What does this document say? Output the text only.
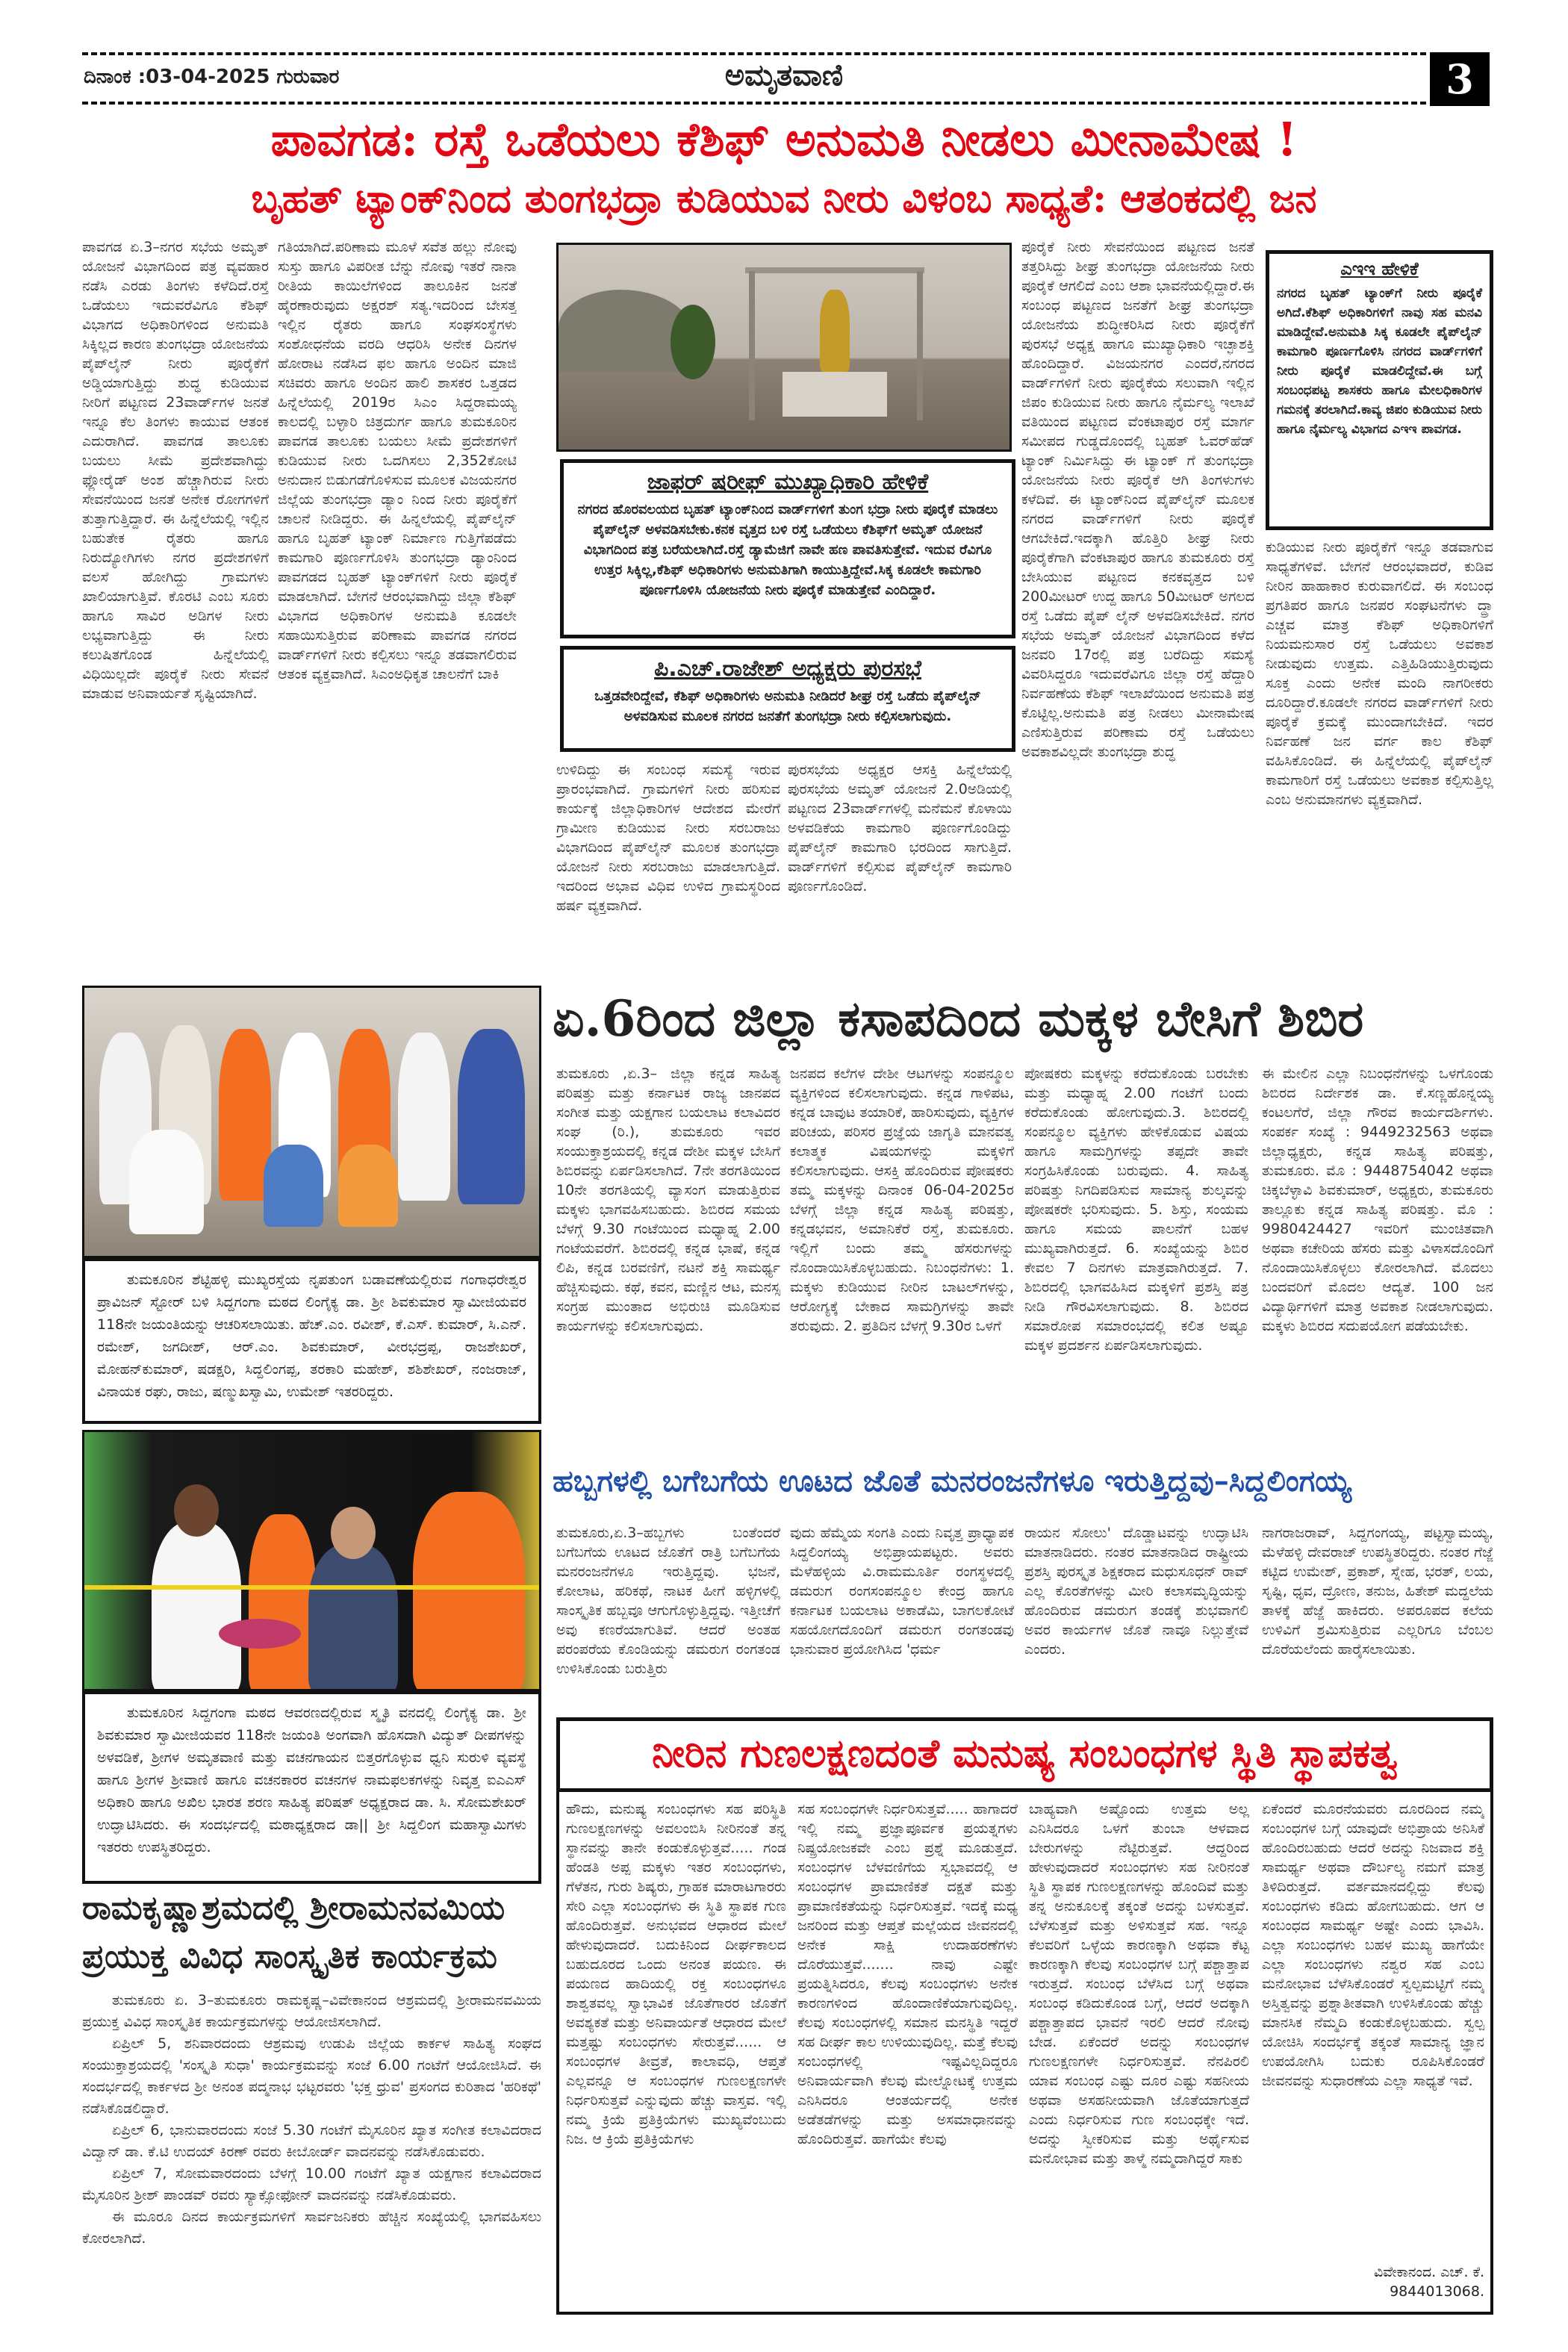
ದಿನಾಂಕ :03-04-2025 ಗುರುವಾರ	ಅಮೃತವಾಣಿ	3
ಪಾವಗಡ: ರಸ್ತೆ ಒಡೆಯಲು ಕೆಶಿಫ್ ಅನುಮತಿ ನೀಡಲು ಮೀನಾಮೇಷ !
ಬೃಹತ್ ಟ್ಯಾಂಕ್‌ನಿಂದ ತುಂಗಭದ್ರಾ ಕುಡಿಯುವ ನೀರು ವಿಳಂಬ ಸಾಧ್ಯತೆ: ಆತಂಕದಲ್ಲಿ ಜನ
ಪಾವಗಡ ಏ.3–ನಗರ ಸಭೆಯ ಅಮೃತ್ ಯೋಜನೆ ವಿಭಾಗದಿಂದ ಪತ್ರ ವ್ಯವಹಾರ ನಡೆಸಿ ಎರಡು ತಿಂಗಳು ಕಳೆದಿದೆ.ರಸ್ತೆ ಒಡೆಯಲು ಇದುವರೆವಿಗೂ ಕೆಶಿಫ್ ವಿಭಾಗದ ಅಧಿಕಾರಿಗಳಿಂದ ಅನುಮತಿ ಸಿಕ್ಕಿಲ್ಲದ ಕಾರಣ ತುಂಗಭದ್ರಾ ಯೋಜನೆಯ ಪೈಪ್‌ಲೈನ್ ನೀರು ಪೂರೈಕೆಗೆ ಅಡ್ಡಿಯಾಗುತ್ತಿದ್ದು ಶುದ್ಧ ಕುಡಿಯುವ ನೀರಿಗೆ ಪಟ್ಟಣದ 23ವಾರ್ಡ್‌ಗಳ ಜನತೆ ಇನ್ನೂ ಕೆಲ ತಿಂಗಳು ಕಾಯುವ ಆತಂಕ ಎದುರಾಗಿದೆ. ಪಾವಗಡ ತಾಲೂಕು ಬಯಲು ಸೀಮೆ ಪ್ರದೇಶವಾಗಿದ್ದು ಫ್ಲೋರೈಡ್ ಅಂಶ ಹೆಚ್ಚಾಗಿರುವ ನೀರು ಸೇವನೆಯಿಂದ ಜನತೆ ಅನೇಕ ರೋಗಗಳಿಗೆ ತುತ್ತಾಗುತ್ತಿದ್ದಾರೆ. ಈ ಹಿನ್ನೆಲೆಯಲ್ಲಿ ಇಲ್ಲಿನ ಬಹುತೇಕ ರೈತರು ಹಾಗೂ ನಿರುದ್ಯೋಗಿಗಳು ನಗರ ಪ್ರದೇಶಗಳಿಗೆ ವಲಸೆ ಹೋಗಿದ್ದು ಗ್ರಾಮಗಳು ಖಾಲಿಯಾಗುತ್ತಿವೆ. ಕೊರಟಿ ಎಂಬ ಸೂರು ಹಾಗೂ ಸಾವಿರ ಅಡಿಗಳ ನೀರು ಲಭ್ಯವಾಗುತ್ತಿದ್ದು ಈ ನೀರು ಕಲುಷಿತಗೊಂಡ ಹಿನ್ನೆಲೆಯಲ್ಲಿ ವಿಧಿಯಿಲ್ಲದೇ ಪೂರೈಕೆ ನೀರು ಸೇವನೆ ಮಾಡುವ ಅನಿವಾರ್ಯತೆ ಸೃಷ್ಟಿಯಾಗಿದೆ.
ಗತಿಯಾಗಿದೆ.ಪರಿಣಾಮ ಮೂಳೆ ಸವೆತ ಹಲ್ಲು ನೋವು ಸುಸ್ತು ಹಾಗೂ ವಿಪರೀತ ಬೆನ್ನು ನೋವು ಇತರೆ ನಾನಾ ರೀತಿಯ ಕಾಯಿಲೆಗಳಿಂದ ತಾಲೂಕಿನ ಜನತೆ ಹೈರಣಾರುವುದು ಅಕ್ಷರಶ್ ಸತ್ಯ.ಇದರಿಂದ ಬೇಸತ್ತ ಇಲ್ಲಿನ ರೈತರು ಹಾಗೂ ಸಂಘಸಂಸ್ಥೆಗಳು ಸಂಶೋಧನೆಯ ವರದಿ ಆಧರಿಸಿ ಅನೇಕ ದಿನಗಳ ಹೋರಾಟ ನಡೆಸಿದ ಫಲ ಹಾಗೂ ಅಂದಿನ ಮಾಜಿ ಸಚಿವರು ಹಾಗೂ ಅಂದಿನ ಹಾಲಿ ಶಾಸಕರ ಒತ್ತಡದ ಹಿನ್ನೆಲೆಯಲ್ಲಿ 2019ರ ಸಿಎಂ ಸಿದ್ದರಾಮಯ್ಯ ಕಾಲದಲ್ಲಿ ಬಳ್ಳಾರಿ ಚಿತ್ರದುರ್ಗ ಹಾಗೂ ತುಮಕೂರಿನ ಪಾವಗಡ ತಾಲೂಕು ಬಯಲು ಸೀಮೆ ಪ್ರದೇಶಗಳಿಗೆ ಕುಡಿಯುವ ನೀರು ಒದಗಿಸಲು 2,352ಕೋಟಿ ಅನುದಾನ ಬಿಡುಗಡೆಗೊಳಿಸುವ ಮೂಲಕ ವಿಜಯನಗರ ಜಿಲ್ಲೆಯ ತುಂಗಭದ್ರಾ ಡ್ಯಾಂ ನಿಂದ ನೀರು ಪೂರೈಕೆಗೆ ಚಾಲನೆ ನೀಡಿದ್ದರು. ಈ ಹಿನ್ನಲೆಯಲ್ಲಿ ಪೈಪ್‌ಲೈನ್ ಹಾಗೂ ಬೃಹತ್ ಟ್ಯಾಂಕ್ ನಿರ್ಮಾಣ ಗುತ್ತಿಗೆಪಡೆದು ಕಾಮಗಾರಿ ಪೂರ್ಣಗೊಳಿಸಿ ತುಂಗಭದ್ರಾ ಡ್ಯಾಂನಿಂದ ಪಾವಗಡದ ಬೃಹತ್ ಟ್ಯಾಂಕ್‌ಗಳಿಗೆ ನೀರು ಪೂರೈಕೆ ಮಾಡಲಾಗಿದೆ. ಬೇಗನೆ ಆರಂಭವಾಗಿದ್ದು ಜಿಲ್ಲಾ ಕೆಶಿಫ್ ವಿಭಾಗದ ಅಧಿಕಾರಿಗಳ ಅನುಮತಿ ಕೂಡಲೇ ಸಹಾಯಿಸುತ್ತಿರುವ ಪರಿಣಾಮ ಪಾವಗಡ ನಗರದ ವಾರ್ಡ್‌ಗಳಿಗೆ ನೀರು ಕಲ್ಪಿಸಲು ಇನ್ನೂ ತಡವಾಗಲಿರುವ ಆತಂಕ ವ್ಯಕ್ತವಾಗಿದೆ. ಸಿಎಂಅಧಿಕೃತ ಚಾಲನೆಗೆ ಬಾಕಿ
ಜಾಫರ್ ಷರೀಫ್ ಮುಖ್ಯಾಧಿಕಾರಿ ಹೇಳಿಕೆ
ನಗರದ ಹೊರವಲಯದ ಬೃಹತ್ ಟ್ಯಾಂಕ್‌ನಿಂದ ವಾರ್ಡ್‌ಗಳಿಗೆ ತುಂಗ ಭದ್ರಾ ನೀರು ಪೂರೈಕೆ ಮಾಡಲು ಪೈಪ್‌ಲೈನ್ ಅಳವಡಿಸಬೇಕು.ಕನಕ ವೃತ್ತದ ಬಳಿ ರಸ್ತೆ ಒಡೆಯಲು ಕೆಶಿಫ್‌ಗೆ ಅಮೃತ್ ಯೋಜನೆ ವಿಭಾಗದಿಂದ ಪತ್ರ ಬರೆಯಲಾಗಿದೆ.ರಸ್ತೆ ಡ್ಯಾಮೆಜಿಗೆ ನಾವೇ ಹಣ ಪಾವತಿಸುತ್ತೇವೆ. ಇದುವ ರೆವಿಗೂ ಉತ್ತರ ಸಿಕ್ಕಿಲ್ಲ,ಕೆಶಿಫ್ ಅಧಿಕಾರಿಗಳು ಅನುಮತಿಗಾಗಿ ಕಾಯುತ್ತಿದ್ದೇವೆ.ಸಿಕ್ಕ ಕೂಡಲೇ ಕಾಮಗಾರಿ ಪೂರ್ಣಗೊಳಿಸಿ ಯೋಜನೆಯ ನೀರು ಪೂರೈಕೆ ಮಾಡುತ್ತೇವೆ ಎಂದಿದ್ದಾರೆ.
ಪಿ.ಎಚ್.ರಾಜೇಶ್ ಅಧ್ಯಕ್ಷರು ಪುರಸಭೆ
ಒತ್ತಡವೇರಿದ್ದೇವೆ, ಕೆಶಿಫ್ ಅಧಿಕಾರಿಗಳು ಅನುಮತಿ ನೀಡಿದರೆ ಶೀಘ್ರ ರಸ್ತೆ ಒಡೆದು ಪೈಪ್‌ಲೈನ್ ಅಳವಡಿಸುವ ಮೂಲಕ ನಗರದ ಜನತೆಗೆ ತುಂಗಭದ್ರಾ ನೀರು ಕಲ್ಪಿಸಲಾಗುವುದು.
ಉಳಿದಿದ್ದು ಈ ಸಂಬಂಧ ಸಮಸ್ಯೆ ಇರುವ ಪ್ರಾರಂಭವಾಗಿದೆ. ಗ್ರಾಮಗಳಿಗೆ ನೀರು ಹರಿಸುವ ಕಾರ್ಯಕ್ಕೆ ಜಿಲ್ಲಾಧಿಕಾರಿಗಳ ಆದೇಶದ ಮೇರೆಗೆ ಗ್ರಾಮೀಣ ಕುಡಿಯುವ ನೀರು ಸರಬರಾಜು ವಿಭಾಗದಿಂದ ಪೈಪ್‌ಲೈನ್ ಮೂಲಕ ತುಂಗಭದ್ರಾ ಯೋಜನೆ ನೀರು ಸರಬರಾಜು ಮಾಡಲಾಗುತ್ತಿದೆ. ಇದರಿಂದ ಅಭಾವ ವಿಧಿವ ಉಳಿದ ಗ್ರಾಮಸ್ಥರಿಂದ ಹರ್ಷ ವ್ಯಕ್ತವಾಗಿದೆ.
ಪುರಸಭೆಯ ಅಧ್ಯಕ್ಷರ ಆಸಕ್ತಿ ಹಿನ್ನೆಲೆಯಲ್ಲಿ ಪುರಸಭೆಯ ಅಮೃತ್ ಯೋಜನೆ 2.0ಅಡಿಯಲ್ಲಿ ಪಟ್ಟಣದ 23ವಾರ್ಡ್‌ಗಳಲ್ಲಿ ಮನೆಮನೆ ಕೊಳಾಯಿ ಅಳವಡಿಕೆಯ ಕಾಮಗಾರಿ ಪೂರ್ಣಗೊಂಡಿದ್ದು ಪೈಪ್‌ಲೈನ್ ಕಾಮಗಾರಿ ಭರದಿಂದ ಸಾಗುತ್ತಿದೆ. ವಾರ್ಡ್‌ಗಳಿಗೆ ಕಲ್ಪಿಸುವ ಪೈಪ್‌ಲೈನ್ ಕಾಮಗಾರಿ ಪೂರ್ಣಗೊಂಡಿದೆ.
ಪೂರೈಕೆ ನೀರು ಸೇವನೆಯಿಂದ ಪಟ್ಟಣದ ಜನತೆ ತತ್ತರಿಸಿದ್ದು ಶೀಘ್ರ ತುಂಗಭದ್ರಾ ಯೋಜನೆಯ ನೀರು ಪೂರೈಕೆ ಆಗಲಿದೆ ಎಂಬ ಆಶಾ ಭಾವನೆಯಲ್ಲಿದ್ದಾರೆ.ಈ ಸಂಬಂಧ ಪಟ್ಟಣದ ಜನತೆಗೆ ಶೀಘ್ರ ತುಂಗಭದ್ರಾ ಯೋಜನೆಯ ಶುದ್ಧೀಕರಿಸಿದ ನೀರು ಪೂರೈಕೆಗೆ ಪುರಸಭೆ ಅಧ್ಯಕ್ಷ ಹಾಗೂ ಮುಖ್ಯಾಧಿಕಾರಿ ಇಚ್ಛಾಶಕ್ತಿ ಹೊಂದಿದ್ದಾರೆ. ವಿಜಯನಗರ ಎಂದರೆ,ನಗರದ ವಾರ್ಡ್‌ಗಳಿಗೆ ನೀರು ಪೂರೈಕೆಯ ಸಲುವಾಗಿ ಇಲ್ಲಿನ ಜಿಪಂ ಕುಡಿಯುವ ನೀರು ಹಾಗೂ ನೈರ್ಮಲ್ಯ ಇಲಾಖೆ ವತಿಯಿಂದ ಪಟ್ಟಣದ ವೆಂಕಟಾಪುರ ರಸ್ತೆ ಮಾರ್ಗ ಸಮೀಪದ ಗುಡ್ಡದೊಂದಲ್ಲಿ ಬೃಹತ್ ಓವರ್‌ಹೆಡ್ ಟ್ಯಾಂಕ್ ನಿರ್ಮಿಸಿದ್ದು ಈ ಟ್ಯಾಂಕ್ ಗೆ ತುಂಗಭದ್ರಾ ಯೋಜನೆಯ ನೀರು ಪೂರೈಕೆ ಆಗಿ ತಿಂಗಳುಗಳು ಕಳೆದಿವೆ. ಈ ಟ್ಯಾಂಕ್‌ನಿಂದ ಪೈಪ್‌ಲೈನ್ ಮೂಲಕ ನಗರದ ವಾರ್ಡ್‌ಗಳಿಗೆ ನೀರು ಪೂರೈಕೆ ಆಗಬೇಕಿದೆ.ಇದಕ್ಕಾಗಿ ಹೊತ್ತಿರಿ ಶೀಘ್ರ ನೀರು ಪೂರೈಕೆಗಾಗಿ ವೆಂಕಟಾಪುರ ಹಾಗೂ ತುಮಕೂರು ರಸ್ತೆ ಬೇಸಿಯುವ ಪಟ್ಟಣದ ಕನಕವೃತ್ತದ ಬಳಿ 200ಮೀಟರ್ ಉದ್ದ ಹಾಗೂ 50ಮೀಟರ್ ಅಗಲದ ರಸ್ತೆ ಒಡೆದು ಪೈಪ್ ಲೈನ್ ಅಳವಡಿಸಬೇಕಿದೆ. ನಗರ ಸಭೆಯ ಅಮೃತ್ ಯೋಜನೆ ವಿಭಾಗದಿಂದ ಕಳೆದ ಜನವರಿ 17ರಲ್ಲಿ ಪತ್ರ ಬರೆದಿದ್ದು ಸಮಸ್ಯೆ ವಿವರಿಸಿದ್ದರೂ ಇದುವರೆವಿಗೂ ಜಿಲ್ಲಾ ರಸ್ತೆ ಹೆದ್ದಾರಿ ನಿರ್ವಹಣೆಯ ಕೆಶಿಫ್ ಇಲಾಖೆಯಿಂದ ಅನುಮತಿ ಪತ್ರ ಕೊಟ್ಟಿಲ್ಲ.ಅನುಮತಿ ಪತ್ರ ನೀಡಲು ಮೀನಾಮೇಷ ಎಣಿಸುತ್ತಿರುವ ಪರಿಣಾಮ ರಸ್ತೆ ಒಡೆಯಲು ಅವಕಾಶವಿಲ್ಲದೇ ತುಂಗಭದ್ರಾ ಶುದ್ಧ
ಎಇಇ ಹೇಳಿಕೆ
ನಗರದ ಬೃಹತ್ ಟ್ಯಾಂಕ್‌ಗೆ ನೀರು ಪೂರೈಕೆ ಅಗಿದೆ.ಕೆಶಿಫ್ ಅಧಿಕಾರಿಗಳಿಗೆ ನಾವು ಸಹ ಮನವಿ ಮಾಡಿದ್ದೇವೆ.ಅನುಮತಿ ಸಿಕ್ಕ ಕೂಡಲೇ ಪೈಪ್‌ಲೈನ್ ಕಾಮಗಾರಿ ಪೂರ್ಣಗೊಳಿಸಿ ನಗರದ ವಾರ್ಡ್‌ಗಳಿಗೆ ನೀರು ಪೂರೈಕೆ ಮಾಡಲಿದ್ದೇವೆ.ಈ ಬಗ್ಗೆ ಸಂಬಂಧಪಟ್ಟ ಶಾಸಕರು ಹಾಗೂ ಮೇಲಧಿಕಾರಿಗಳ ಗಮನಕ್ಕೆ ತರಲಾಗಿದೆ.ಕಾವ್ಯ ಜಿಪಂ ಕುಡಿಯುವ ನೀರು ಹಾಗೂ ನೈರ್ಮಲ್ಯ ವಿಭಾಗದ ಎಇಇ ಪಾವಗಡ.
ಕುಡಿಯುವ ನೀರು ಪೂರೈಕೆಗೆ ಇನ್ನೂ ತಡವಾಗುವ ಸಾಧ್ಯತೆಗಳಿವೆ. ಬೇಗನೆ ಆರಂಭವಾದರೆ, ಕುಡಿವ ನೀರಿನ ಹಾಹಾಕಾರ ಕುರುವಾಗಲಿದೆ. ಈ ಸಂಬಂಧ ಪ್ರಗತಿಪರ ಹಾಗೂ ಜನಪರ ಸಂಘಟನೆಗಳು ದ್ದ್ರಾ ಎಚ್ಚವ ಮಾತ್ರ ಕೆಶಿಫ್ ಅಧಿಕಾರಿಗಳಿಗೆ ನಿಯಮನುಸಾರ ರಸ್ತೆ ಒಡೆಯಲು ಅವಕಾಶ ನೀಡುವುದು ಉತ್ತಮ. ಎತ್ತಿಹಿಡಿಯುತ್ತಿರುವುದು ಸೂಕ್ತ ಎಂದು ಅನೇಕ ಮಂದಿ ನಾಗರೀಕರು ದೂರಿದ್ದಾರೆ.ಕೂಡಲೇ ನಗರದ ವಾರ್ಡ್‌ಗಳಿಗೆ ನೀರು ಪೂರೈಕೆ ಕ್ರಮಕ್ಕೆ ಮುಂದಾಗಬೇಕಿದೆ. ಇದರ ನಿರ್ವಹಣೆ ಜನ ವರ್ಗ ಕಾಲ ಕೆಶಿಫ್ ವಹಿಸಿಕೊಂಡಿದೆ. ಈ ಹಿನ್ನೆಲೆಯಲ್ಲಿ ಪೈಪ್‌ಲೈನ್ ಕಾಮಗಾರಿಗೆ ರಸ್ತೆ ಒಡೆಯಲು ಅವಕಾಶ ಕಲ್ಪಿಸುತ್ತಿಲ್ಲ ಎಂಬ ಅನುಮಾನಗಳು ವ್ಯಕ್ತವಾಗಿದೆ.

ತುಮಕೂರಿನ ಶೆಟ್ಟಿಹಳ್ಳಿ ಮುಖ್ಯರಸ್ತೆಯ ನೃಪತುಂಗ ಬಡಾವಣೆಯಲ್ಲಿರುವ ಗಂಗಾಧರೇಶ್ವರ ಪ್ರಾವಿಜನ್ ಸ್ಟೋರ್ ಬಳಿ ಸಿದ್ದಗಂಗಾ ಮಠದ ಲಿಂಗೈಕ್ಯ ಡಾ. ಶ್ರೀ ಶಿವಕುಮಾರ ಸ್ವಾಮೀಜಿಯವರ 118ನೇ ಜಯಂತಿಯನ್ನು ಆಚರಿಸಲಾಯಿತು. ಹೆಚ್.ಎಂ. ರವೀಶ್, ಕೆ.ಎಸ್. ಕುಮಾರ್, ಸಿ.ಎನ್. ರಮೇಶ್, ಜಗದೀಶ್, ಆರ್.ಎಂ. ಶಿವಕುಮಾರ್, ವೀರಭದ್ರಪ್ಪ, ರಾಜಶೇಖರ್, ಮೋಹನ್‌ಕುಮಾರ್, ಷಡಕ್ಷರಿ, ಸಿದ್ದಲಿಂಗಪ್ಪ, ತರಕಾರಿ ಮಹೇಶ್, ಶಶಿಶೇಖರ್, ನಂಜರಾಜ್, ವಿನಾಯಕ ರಘು, ರಾಜು, ಷಣ್ಮುಖಸ್ವಾಮಿ, ಉಮೇಶ್ ಇತರರಿದ್ದರು.

ತುಮಕೂರಿನ ಸಿದ್ದಗಂಗಾ ಮಠದ ಆವರಣದಲ್ಲಿರುವ ಸ್ಮೃತಿ ವನದಲ್ಲಿ ಲಿಂಗೈಕ್ಯ ಡಾ. ಶ್ರೀ ಶಿವಕುಮಾರ ಸ್ವಾಮೀಜಿಯವರ 118ನೇ ಜಯಂತಿ ಅಂಗವಾಗಿ ಹೊಸದಾಗಿ ವಿದ್ಯುತ್ ದೀಪಗಳನ್ನು ಅಳವಡಿಕೆ, ಶ್ರೀಗಳ ಅಮೃತವಾಣಿ ಮತ್ತು ವಚನಗಾಯನ ಬಿತ್ತರಗೊಳ್ಳುವ ಧ್ವನಿ ಸುರುಳಿ ವ್ಯವಸ್ಥೆ ಹಾಗೂ ಶ್ರೀಗಳ ಶ್ರೀವಾಣಿ ಹಾಗೂ ವಚನಕಾರರ ವಚನಗಳ ನಾಮಫಲಕಗಳನ್ನು ನಿವೃತ್ತ ಐಎಎಸ್ ಅಧಿಕಾರಿ ಹಾಗೂ ಅಖಿಲ ಭಾರತ ಶರಣ ಸಾಹಿತ್ಯ ಪರಿಷತ್ ಅಧ್ಯಕ್ಷರಾದ ಡಾ. ಸಿ. ಸೋಮಶೇಖರ್ ಉದ್ಘಾಟಿಸಿದರು. ಈ ಸಂದರ್ಭದಲ್ಲಿ ಮಠಾಧ್ಯಕ್ಷರಾದ ಡಾ|| ಶ್ರೀ ಸಿದ್ದಲಿಂಗ ಮಹಾಸ್ವಾಮಿಗಳು ಇತರರು ಉಪಸ್ಥಿತರಿದ್ದರು.

ರಾಮಕೃಷ್ಣಾಶ್ರಮದಲ್ಲಿ ಶ್ರೀರಾಮನವಮಿಯ
ಪ್ರಯುಕ್ತ ವಿವಿಧ ಸಾಂಸ್ಕೃತಿಕ ಕಾರ್ಯಕ್ರಮ

ತುಮಕೂರು ಏ. 3–ತುಮಕೂರು ರಾಮಕೃಷ್ಣ–ವಿವೇಕಾನಂದ ಆಶ್ರಮದಲ್ಲಿ ಶ್ರೀರಾಮನವಮಿಯ ಪ್ರಯುಕ್ತ ವಿವಿಧ ಸಾಂಸ್ಕೃತಿಕ ಕಾರ್ಯಕ್ರಮಗಳನ್ನು ಆಯೋಜಿಸಲಾಗಿದೆ.

ಏಪ್ರಿಲ್ 5, ಶನಿವಾರದಂದು ಆಶ್ರಮವು ಉಡುಪಿ ಜಿಲ್ಲೆಯ ಕಾರ್ಕಳ ಸಾಹಿತ್ಯ ಸಂಘದ ಸಂಯುಕ್ತಾಶ್ರಯದಲ್ಲಿ 'ಸಂಸ್ಕೃತಿ ಸುಧಾ' ಕಾರ್ಯಕ್ರಮವನ್ನು ಸಂಜೆ 6.00 ಗಂಟೆಗೆ ಆಯೋಜಿಸಿದೆ. ಈ ಸಂದರ್ಭದಲ್ಲಿ ಕಾರ್ಕಳದ ಶ್ರೀ ಅನಂತ ಪದ್ಮನಾಭ ಭಟ್ಟರವರು 'ಭಕ್ತ ಧ್ರುವ' ಪ್ರಸಂಗದ ಕುರಿತಾದ 'ಹರಿಕಥೆ' ನಡೆಸಿಕೊಡಲಿದ್ದಾರೆ.

ಏಪ್ರಿಲ್ 6, ಭಾನುವಾರದಂದು ಸಂಜೆ 5.30 ಗಂಟೆಗೆ ಮೈಸೂರಿನ ಖ್ಯಾತ ಸಂಗೀತ ಕಲಾವಿದರಾದ ವಿದ್ವಾನ್ ಡಾ. ಕೆ.ಟಿ ಉದಯ್ ಕಿರಣ್ ರವರು ಕೀಬೋರ್ಡ್ ವಾದನವನ್ನು ನಡೆಸಿಕೊಡುವರು.

ಏಪ್ರಿಲ್ 7, ಸೋಮವಾರದಂದು ಬೆಳಗ್ಗೆ 10.00 ಗಂಟೆಗೆ ಖ್ಯಾತ ಯಕ್ಷಗಾನ ಕಲಾವಿದರಾದ ಮೈಸೂರಿನ ಶ್ರೀಶ್ ಪಾಂಡವ್ ರವರು ಸ್ಯಾಕ್ಸೋಫೋನ್ ವಾದನವನ್ನು ನಡೆಸಿಕೊಡುವರು.

ಈ ಮೂರೂ ದಿನದ ಕಾರ್ಯಕ್ರಮಗಳಿಗೆ ಸಾರ್ವಜನಿಕರು ಹೆಚ್ಚಿನ ಸಂಖ್ಯೆಯಲ್ಲಿ ಭಾಗವಹಿಸಲು ಕೋರಲಾಗಿದೆ.

ಏ.6ರಿಂದ ಜಿಲ್ಲಾ ಕಸಾಪದಿಂದ ಮಕ್ಕಳ ಬೇಸಿಗೆ ಶಿಬಿರ
ತುಮಕೂರು ,ಏ.3– ಜಿಲ್ಲಾ ಕನ್ನಡ ಸಾಹಿತ್ಯ ಪರಿಷತ್ತು ಮತ್ತು ಕರ್ನಾಟಕ ರಾಜ್ಯ ಜಾನಪದ ಸಂಗೀತ ಮತ್ತು ಯಕ್ಷಗಾನ ಬಯಲಾಟ ಕಲಾವಿದರ ಸಂಘ (ರಿ.), ತುಮಕೂರು ಇವರ ಸಂಯುಕ್ತಾಶ್ರಯದಲ್ಲಿ ಕನ್ನಡ ದೇಶೀ ಮಕ್ಕಳ ಬೇಸಿಗೆ ಶಿಬಿರವನ್ನು ಏರ್ಪಡಿಸಲಾಗಿದೆ. 7ನೇ ತರಗತಿಯಿಂದ 10ನೇ ತರಗತಿಯಲ್ಲಿ ವ್ಯಾಸಂಗ ಮಾಡುತ್ತಿರುವ ಮಕ್ಕಳು ಭಾಗವಹಿಸಬಹುದು. ಶಿಬಿರದ ಸಮಯ ಬೆಳಗ್ಗೆ 9.30 ಗಂಟೆಯಿಂದ ಮಧ್ಯಾಹ್ನ 2.00 ಗಂಟೆಯವರೆಗೆ. ಶಿಬಿರದಲ್ಲಿ ಕನ್ನಡ ಭಾಷೆ, ಕನ್ನಡ ಲಿಪಿ, ಕನ್ನಡ ಬರವಣಿಗೆ, ನಟನೆ ಶಕ್ತಿ ಸಾಮರ್ಥ್ಯ ಹೆಚ್ಚಿಸುವುದು. ಕಥೆ, ಕವನ, ಮಣ್ಣಿನ ಆಟ, ಮನಸ್ಸ ಸಂಗ್ರಹ ಮುಂತಾದ ಅಭಿರುಚಿ ಮೂಡಿಸುವ ಕಾರ್ಯಗಳನ್ನು ಕಲಿಸಲಾಗುವುದು.
ಜನಪದ ಕಲೆಗಳ ದೇಶೀ ಆಟಗಳನ್ನು ಸಂಪನ್ಮೂಲ ವ್ಯಕ್ತಿಗಳಿಂದ ಕಲಿಸಲಾಗುವುದು. ಕನ್ನಡ ಗಾಳಿಪಟ, ಕನ್ನಡ ಬಾವುಟ ತಯಾರಿಕೆ, ಹಾರಿಸುವುದು, ವ್ಯಕ್ತಿಗಳ ಪರಿಚಯ, ಪರಿಸರ ಪ್ರಜ್ಞೆಯ ಜಾಗೃತಿ ಮಾನವತ್ವ ಕಲಾತ್ಮಕ ವಿಷಯಗಳನ್ನು ಮಕ್ಕಳಿಗೆ ಕಲಿಸಲಾಗುವುದು. ಆಸಕ್ತಿ ಹೊಂದಿರುವ ಪೋಷಕರು ತಮ್ಮ ಮಕ್ಕಳನ್ನು ದಿನಾಂಕ 06-04-2025ರ ಬೆಳಗ್ಗೆ ಜಿಲ್ಲಾ ಕನ್ನಡ ಸಾಹಿತ್ಯ ಪರಿಷತ್ತು, ಕನ್ನಡಭವನ, ಅಮಾನಿಕೆರೆ ರಸ್ತೆ, ತುಮಕೂರು. ಇಲ್ಲಿಗೆ ಬಂದು ತಮ್ಮ ಹೆಸರುಗಳನ್ನು ನೊಂದಾಯಿಸಿಕೊಳ್ಳಬಹುದು. ನಿಬಂಧನೆಗಳು: 1. ಮಕ್ಕಳು ಕುಡಿಯುವ ನೀರಿನ ಬಾಟಲ್‌ಗಳನ್ನು, ಆರೋಗ್ಯಕ್ಕೆ ಬೇಕಾದ ಸಾಮಗ್ರಿಗಳನ್ನು ತಾವೇ ತರುವುದು. 2. ಪ್ರತಿದಿನ ಬೆಳಗ್ಗೆ 9.30ರ ಒಳಗೆ
ಪೋಷಕರು ಮಕ್ಕಳನ್ನು ಕರೆದುಕೊಂಡು ಬರಬೇಕು ಮತ್ತು ಮಧ್ಯಾಹ್ನ 2.00 ಗಂಟೆಗೆ ಬಂದು ಕರೆದುಕೊಂಡು ಹೋಗುವುದು.3. ಶಿಬಿರದಲ್ಲಿ ಸಂಪನ್ಮೂಲ ವ್ಯಕ್ತಿಗಳು ಹೇಳಿಕೊಡುವ ವಿಷಯ ಹಾಗೂ ಸಾಮಗ್ರಿಗಳನ್ನು ತಪ್ಪದೇ ತಾವೇ ಸಂಗ್ರಹಿಸಿಕೊಂಡು ಬರುವುದು. 4. ಸಾಹಿತ್ಯ ಪರಿಷತ್ತು ನಿಗದಿಪಡಿಸುವ ಸಾಮಾನ್ಯ ಶುಲ್ಕವನ್ನು ಪೋಷಕರೇ ಭರಿಸುವುದು. 5. ಶಿಸ್ತು, ಸಂಯಮ ಹಾಗೂ ಸಮಯ ಪಾಲನೆಗೆ ಬಹಳ ಮುಖ್ಯವಾಗಿರುತ್ತದೆ. 6. ಸಂಖ್ಯೆಯನ್ನು ಶಿಬಿರ ಕೇವಲ 7 ದಿನಗಳು ಮಾತ್ರವಾಗಿರುತ್ತದೆ. 7. ಶಿಬಿರದಲ್ಲಿ ಭಾಗವಹಿಸಿದ ಮಕ್ಕಳಿಗೆ ಪ್ರಶಸ್ತಿ ಪತ್ರ ನೀಡಿ ಗೌರವಿಸಲಾಗುವುದು. 8. ಶಿಬಿರದ ಸಮಾರೋಪ ಸಮಾರಂಭದಲ್ಲಿ ಕಲಿತ ಅಷ್ಟೂ ಮಕ್ಕಳ ಪ್ರದರ್ಶನ ಏರ್ಪಡಿಸಲಾಗುವುದು.
ಈ ಮೇಲಿನ ಎಲ್ಲಾ ನಿಬಂಧನೆಗಳನ್ನು ಒಳಗೊಂಡು ಶಿಬಿರದ ನಿರ್ದೇಶಕ ಡಾ. ಕೆ.ಸಣ್ಣಹೊನ್ನಯ್ಯ ಕಂಟಲಗೆರೆ, ಜಿಲ್ಲಾ ಗೌರವ ಕಾರ್ಯದರ್ಶಿಗಳು. ಸಂಪರ್ಕ ಸಂಖ್ಯೆ : 9449232563 ಅಥವಾ ಜಿಲ್ಲಾಧ್ಯಕ್ಷರು, ಕನ್ನಡ ಸಾಹಿತ್ಯ ಪರಿಷತ್ತು, ತುಮಕೂರು. ಮೊ : 9448754042 ಅಥವಾ ಚಿಕ್ಕಬೆಳ್ಳಾವಿ ಶಿವಕುಮಾರ್, ಅಧ್ಯಕ್ಷರು, ತುಮಕೂರು ತಾಲ್ಲೂಕು ಕನ್ನಡ ಸಾಹಿತ್ಯ ಪರಿಷತ್ತು. ಮೊ : 9980424427 ಇವರಿಗೆ ಮುಂಚಿತವಾಗಿ ಅಥವಾ ಕಚೇರಿಯ ಹೆಸರು ಮತ್ತು ವಿಳಾಸದೊಂದಿಗೆ ನೊಂದಾಯಿಸಿಕೊಳ್ಳಲು ಕೋರಲಾಗಿದೆ. ಮೊದಲು ಬಂದವರಿಗೆ ಮೊದಲ ಆದ್ಯತೆ. 100 ಜನ ವಿದ್ಯಾರ್ಥಿಗಳಿಗೆ ಮಾತ್ರ ಅವಕಾಶ ನೀಡಲಾಗುವುದು. ಮಕ್ಕಳು ಶಿಬಿರದ ಸದುಪಯೋಗ ಪಡೆಯಬೇಕು.
ಹಬ್ಬಗಳಲ್ಲಿ ಬಗೆಬಗೆಯ ಊಟದ ಜೊತೆ ಮನರಂಜನೆಗಳೂ ಇರುತ್ತಿದ್ದವು–ಸಿದ್ದಲಿಂಗಯ್ಯ
ತುಮಕೂರು,ಏ.3–ಹಬ್ಬಗಳು ಬಂತೆಂದರೆ ಬಗೆಬಗೆಯ ಊಟದ ಜೊತೆಗೆ ರಾತ್ರಿ ಬಗೆಬಗೆಯ ಮನರಂಜನೆಗಳೂ ಇರುತ್ತಿದ್ದವು. ಭಜನೆ, ಕೋಲಾಟ, ಹರಿಕಥೆ, ನಾಟಕ ಹೀಗೆ ಹಳ್ಳಿಗಳಲ್ಲಿ ಸಾಂಸ್ಕೃತಿಕ ಹಬ್ಬವೂ ಆಗುಗೊಳ್ಳುತ್ತಿದ್ದವು. ಇತ್ತೀಚೆಗೆ ಅವು ಕಣರೆಯಾಗುತಿವೆ. ಆದರೆ ಅಂತಹ ಪರಂಪರೆಯ ಕೊಂಡಿಯನ್ನು ಡಮರುಗ ರಂಗತಂಡ ಉಳಿಸಿಕೊಂಡು ಬರುತ್ತಿರು
ವುದು ಹೆಮ್ಮೆಯ ಸಂಗತಿ ಎಂದು ನಿವೃತ್ತ ಪ್ರಾಧ್ಯಾಪಕ ಸಿದ್ದಲಿಂಗಯ್ಯ ಅಭಿಪ್ರಾಯಪಟ್ಟರು. ಅವರು ಮೆಳೆಹಳ್ಳಿಯ ವಿ.ರಾಮಮೂರ್ತಿ ರಂಗಸ್ಥಳದಲ್ಲಿ ಡಮರುಗ ರಂಗಸಂಪನ್ಮೂಲ ಕೇಂದ್ರ ಹಾಗೂ ಕರ್ನಾಟಕ ಬಯಲಾಟ ಅಕಾಡೆಮಿ, ಬಾಗಲಕೋಟೆ ಸಹಯೋಗದೊಂದಿಗೆ ಡಮರುಗ ರಂಗತಂಡವು ಭಾನುವಾರ ಪ್ರಯೋಗಿಸಿದ 'ಧರ್ಮ
ರಾಯನ ಸೋಲು' ದೊಡ್ಡಾಟವನ್ನು ಉದ್ಘಾಟಿಸಿ ಮಾತನಾಡಿದರು. ನಂತರ ಮಾತನಾಡಿದ ರಾಷ್ಟ್ರೀಯ ಪ್ರಶಸ್ತಿ ಪುರಸ್ಕೃತ ಶಿಕ್ಷಕರಾದ ಮಧುಸೂಧನ್ ರಾವ್ ಎಲ್ಲ ಕೊರತೆಗಳನ್ನು ಮೀರಿ ಕಲಾಸಮೃದ್ಧಿಯನ್ನು ಹೊಂದಿರುವ ಡಮರುಗ ತಂಡಕ್ಕೆ ಶುಭವಾಗಲಿ ಅವರ ಕಾರ್ಯಗಳ ಜೊತೆ ನಾವೂ ನಿಲ್ಲುತ್ತೇವೆ ಎಂದರು.
ನಾಗರಾಜರಾವ್, ಸಿದ್ದಗಂಗಯ್ಯ, ಪಟ್ಟಸ್ವಾಮಯ್ಯ, ಮೆಳೆಹಳ್ಳಿ ದೇವರಾಜ್ ಉಪಸ್ಥಿತರಿದ್ದರು. ನಂತರ ಗೆಜ್ಜೆ ಕಟ್ಟಿದ ಉಮೇಶ್, ಪ್ರಕಾಶ್, ಸ್ನೇಹ, ಭರತ್, ಲಯ, ಸೃಷ್ಟಿ, ಧೃವ, ದ್ರೋಣ, ತನುಜ, ಹಿತೇಶ್ ಮದ್ದಲೆಯ ತಾಳಕ್ಕೆ ಹೆಜ್ಜೆ ಹಾಕಿದರು. ಅಪರೂಪದ ಕಲೆಯ ಉಳಿವಿಗೆ ಶ್ರಮಿಸುತ್ತಿರುವ ಎಲ್ಲರಿಗೂ ಬೆಂಬಲ ದೊರೆಯಲೆಂದು ಹಾರೈಸಲಾಯಿತು.
ನೀರಿನ ಗುಣಲಕ್ಷಣದಂತೆ ಮನುಷ್ಯ ಸಂಬಂಧಗಳ ಸ್ಥಿತಿ ಸ್ಥಾಪಕತ್ವ
ಹೌದು, ಮನುಷ್ಯ ಸಂಬಂಧಗಳು ಸಹ ಪರಿಸ್ಥಿತಿ ಗುಣಲಕ್ಷಣಗಳನ್ನು ಅವಲಂಬಿಸಿ ನೀರಿನಂತೆ ತನ್ನ ಸ್ಥಾನವನ್ನು ತಾನೇ ಕಂಡುಕೊಳ್ಳುತ್ತವೆ..... ಗಂಡ ಹೆಂಡತಿ ಅಪ್ಪ ಮಕ್ಕಳು ಇತರ ಸಂಬಂಧಗಳು, ಗೆಳೆತನ, ಗುರು ಶಿಷ್ಯರು, ಗ್ರಾಹಕ ಮಾರಾಟಗಾರರು ಸೇರಿ ಎಲ್ಲಾ ಸಂಬಂಧಗಳು ಈ ಸ್ಥಿತಿ ಸ್ಥಾಪಕ ಗುಣ ಹೊಂದಿರುತ್ತವೆ. ಅನುಭವದ ಆಧಾರದ ಮೇಲೆ ಹೇಳುವುದಾದರೆ. ಬದುಕಿನಿಂದ ದೀರ್ಘಕಾಲದ ಬಹುದೂರದ ಒಂದು ಅನಂತ ಪಯಣ. ಈ ಪಯಣದ ಹಾದಿಯಲ್ಲಿ ರಕ್ತ ಸಂಬಂಧಗಳೂ ಶಾಶ್ವತವಲ್ಲ ಸ್ವಾಭಾವಿಕ ಜೊತೆಗಾರರ ಜೊತೆಗೆ ಅವಶ್ಯಕತೆ ಮತ್ತು ಅನಿವಾರ್ಯತೆ ಆಧಾರದ ಮೇಲೆ ಮತ್ತಷ್ಟು ಸಂಬಂಧಗಳು ಸೇರುತ್ತವೆ...... ಆ ಸಂಬಂಧಗಳ ತೀವ್ರತೆ, ಕಾಲಾವಧಿ, ಆಪ್ತತೆ ಎಲ್ಲವನ್ನೂ ಆ ಸಂಬಂಧಗಳ ಗುಣಲಕ್ಷಣಗಳೇ ನಿರ್ಧರಿಸುತ್ತವೆ ಎನ್ನುವುದು ಹೆಚ್ಚು ವಾಸ್ತವ. ಇಲ್ಲಿ ನಮ್ಮ ಕ್ರಿಯೆ ಪ್ರತಿಕ್ರಿಯೆಗಳು ಮುಖ್ಯವೆಂಬುದು ನಿಜ. ಆ ಕ್ರಿಯೆ ಪ್ರತಿಕ್ರಿಯೆಗಳು
ಸಹ ಸಂಬಂಧಗಳೇ ನಿರ್ಧರಿಸುತ್ತವೆ..... ಹಾಗಾದರೆ ಇಲ್ಲಿ ನಮ್ಮ ಪ್ರಜ್ಞಾಪೂರ್ವಕ ಪ್ರಯತ್ನಗಳು ನಿಷ್ಪ್ರಯೋಜಕವೇ ಎಂಬ ಪ್ರಶ್ನೆ ಮೂಡುತ್ತದೆ. ಸಂಬಂಧಗಳ ಬೆಳವಣಿಗೆಯ ಸ್ವಭಾವದಲ್ಲಿ ಆ ಸಂಬಂಧಗಳ ಪ್ರಾಮಾಣಿಕತೆ ದಕ್ಷತೆ ಮತ್ತು ಪ್ರಾಮಾಣಿಕತೆಯನ್ನು ನಿರ್ಧರಿಸುತ್ತವೆ. ಇದಕ್ಕೆ ಮಧ್ಯ ಜನರಿಂದ ಮತ್ತು ಆಪ್ತತೆ ಮಲ್ಲೆಯದ ಜೀವನದಲ್ಲಿ ಅನೇಕ ಸಾಕ್ಷಿ ಉದಾಹರಣೆಗಳು ದೊರೆಯುತ್ತವೆ....... ನಾವು ಎಷ್ಟೇ ಪ್ರಯತ್ನಿಸಿದರೂ, ಕೆಲವು ಸಂಬಂಧಗಳು ಅನೇಕ ಕಾರಣಗಳಿಂದ ಹೊಂದಾಣಿಕೆಯಾಗುವುದಿಲ್ಲ. ಕೆಲವು ಸಂಬಂಧಗಳಲ್ಲಿ ಸಮಾನ ಮನಸ್ಥಿತಿ ಇದ್ದರೆ ಸಹ ದೀರ್ಘ ಕಾಲ ಉಳಿಯುವುದಿಲ್ಲ. ಮತ್ತೆ ಕೆಲವು ಸಂಬಂಧಗಳಲ್ಲಿ ಇಷ್ಟವಿಲ್ಲದಿದ್ದರೂ ಅನಿವಾರ್ಯವಾಗಿ ಕೆಲವು ಮೇಲ್ನೋಟಕ್ಕೆ ಉತ್ತಮ ಎನಿಸಿದರೂ ಆಂತರ್ಯದಲ್ಲಿ ಅನೇಕ ಅಡೆತಡೆಗಳನ್ನು ಮತ್ತು ಅಸಮಾಧಾನವನ್ನು ಹೊಂದಿರುತ್ತವೆ. ಹಾಗೆಯೇ ಕೆಲವು
ಬಾಹ್ಯವಾಗಿ ಅಷ್ಟೊಂದು ಉತ್ತಮ ಅಲ್ಲ ಎನಿಸಿದರೂ ಒಳಗೆ ತುಂಬಾ ಆಳವಾದ ಬೇರುಗಳನ್ನು ನೆಟ್ಟಿರುತ್ತವೆ. ಆದ್ದರಿಂದ ಹೇಳುವುದಾದರೆ ಸಂಬಂಧಗಳು ಸಹ ನೀರಿನಂತೆ ಸ್ಥಿತಿ ಸ್ಥಾಪಕ ಗುಣಲಕ್ಷಣಗಳನ್ನು ಹೊಂದಿವೆ ಮತ್ತು ತನ್ನ ಅನುಕೂಲಕ್ಕೆ ತಕ್ಕಂತೆ ಅದನ್ನು ಬಳಸುತ್ತವೆ. ಬೆಳೆಸುತ್ತವೆ ಮತ್ತು ಅಳಿಸುತ್ತವೆ ಸಹ. ಇನ್ನೂ ಕೆಲವರಿಗೆ ಒಳ್ಳೆಯ ಕಾರಣಕ್ಕಾಗಿ ಅಥವಾ ಕೆಟ್ಟ ಕಾರಣಕ್ಕಾಗಿ ಕೆಲವು ಸಂಬಂಧಗಳ ಬಗ್ಗೆ ಪಶ್ಚಾತ್ತಾಪ ಇರುತ್ತದೆ. ಸಂಬಂಧ ಬೆಳೆಸಿದ ಬಗ್ಗೆ ಅಥವಾ ಸಂಬಂಧ ಕಡಿದುಕೊಂಡ ಬಗ್ಗೆ, ಆದರೆ ಅದಕ್ಕಾಗಿ ಪಶ್ಚಾತ್ತಾಪದ ಭಾವನೆ ಇರಲಿ ಆದರೆ ನೋವು ಬೇಡ. ಏಕೆಂದರೆ ಅದನ್ನು ಸಂಬಂಧಗಳ ಗುಣಲಕ್ಷಣಗಳೇ ನಿರ್ಧರಿಸುತ್ತವೆ. ನೆನಪಿರಲಿ ಯಾವ ಸಂಬಂಧ ಎಷ್ಟು ದೂರ ಎಷ್ಟು ಸಹನೀಯ ಅಥವಾ ಅಸಹನೀಯವಾಗಿ ಜೊತೆಯಾಗುತ್ತದೆ ಎಂದು ನಿರ್ಧರಿಸುವ ಗುಣ ಸಂಬಂಧಕ್ಕೇ ಇದೆ. ಅದನ್ನು ಸ್ವೀಕರಿಸುವ ಮತ್ತು ಅರ್ಥೈಸುವ ಮನೋಭಾವ ಮತ್ತು ತಾಳ್ಮೆ ನಮ್ಮದಾಗಿದ್ದರೆ ಸಾಕು
ಏಕೆಂದರೆ ಮೂರನೆಯವರು ದೂರದಿಂದ ನಮ್ಮ ಸಂಬಂಧಗಳ ಬಗ್ಗೆ ಯಾವುದೇ ಅಭಿಪ್ರಾಯ ಅನಿಸಿಕೆ ಹೊಂದಿರಬಹುದು ಆದರೆ ಅದನ್ನು ನಿಜವಾದ ಶಕ್ತಿ ಸಾಮರ್ಥ್ಯ ಅಥವಾ ದೌರ್ಬಲ್ಯ ನಮಗೆ ಮಾತ್ರ ತಿಳಿದಿರುತ್ತದೆ. ವರ್ತಮಾನದಲ್ಲಿದ್ದು ಕೆಲವು ಸಂಬಂಧಗಳು ಕಡಿದು ಹೋಗಬಹುದು. ಆಗ ಆ ಸಂಬಂಧದ ಸಾಮರ್ಥ್ಯ ಅಷ್ಟೇ ಎಂದು ಭಾವಿಸಿ. ಎಲ್ಲಾ ಸಂಬಂಧಗಳು ಬಹಳ ಮುಖ್ಯ ಹಾಗೆಯೇ ಎಲ್ಲಾ ಸಂಬಂಧಗಳು ನಶ್ವರ ಸಹ ಎಂಬ ಮನೋಭಾವ ಬೆಳೆಸಿಕೊಂಡರೆ ಸ್ವಲ್ಪಮಟ್ಟಿಗೆ ನಮ್ಮ ಅಸ್ತಿತ್ವವನ್ನು ಪ್ರಶ್ನಾತೀತವಾಗಿ ಉಳಿಸಿಕೊಂಡು ಹೆಚ್ಚು ಮಾನಸಿಕ ನೆಮ್ಮದಿ ಕಂಡುಕೊಳ್ಳಬಹುದು. ಸ್ವಲ್ಪ ಯೋಚಿಸಿ ಸಂದರ್ಭಕ್ಕೆ ತಕ್ಕಂತೆ ಸಾಮಾನ್ಯ ಜ್ಞಾನ ಉಪಯೋಗಿಸಿ ಬದುಕು ರೂಪಿಸಿಕೊಂಡರೆ ಜೀವನವನ್ನು ಸುಧಾರಣೆಯ ಎಲ್ಲಾ ಸಾಧ್ಯತೆ ಇವೆ.
ವಿವೇಕಾನಂದ. ಎಚ್. ಕೆ.
9844013068.
